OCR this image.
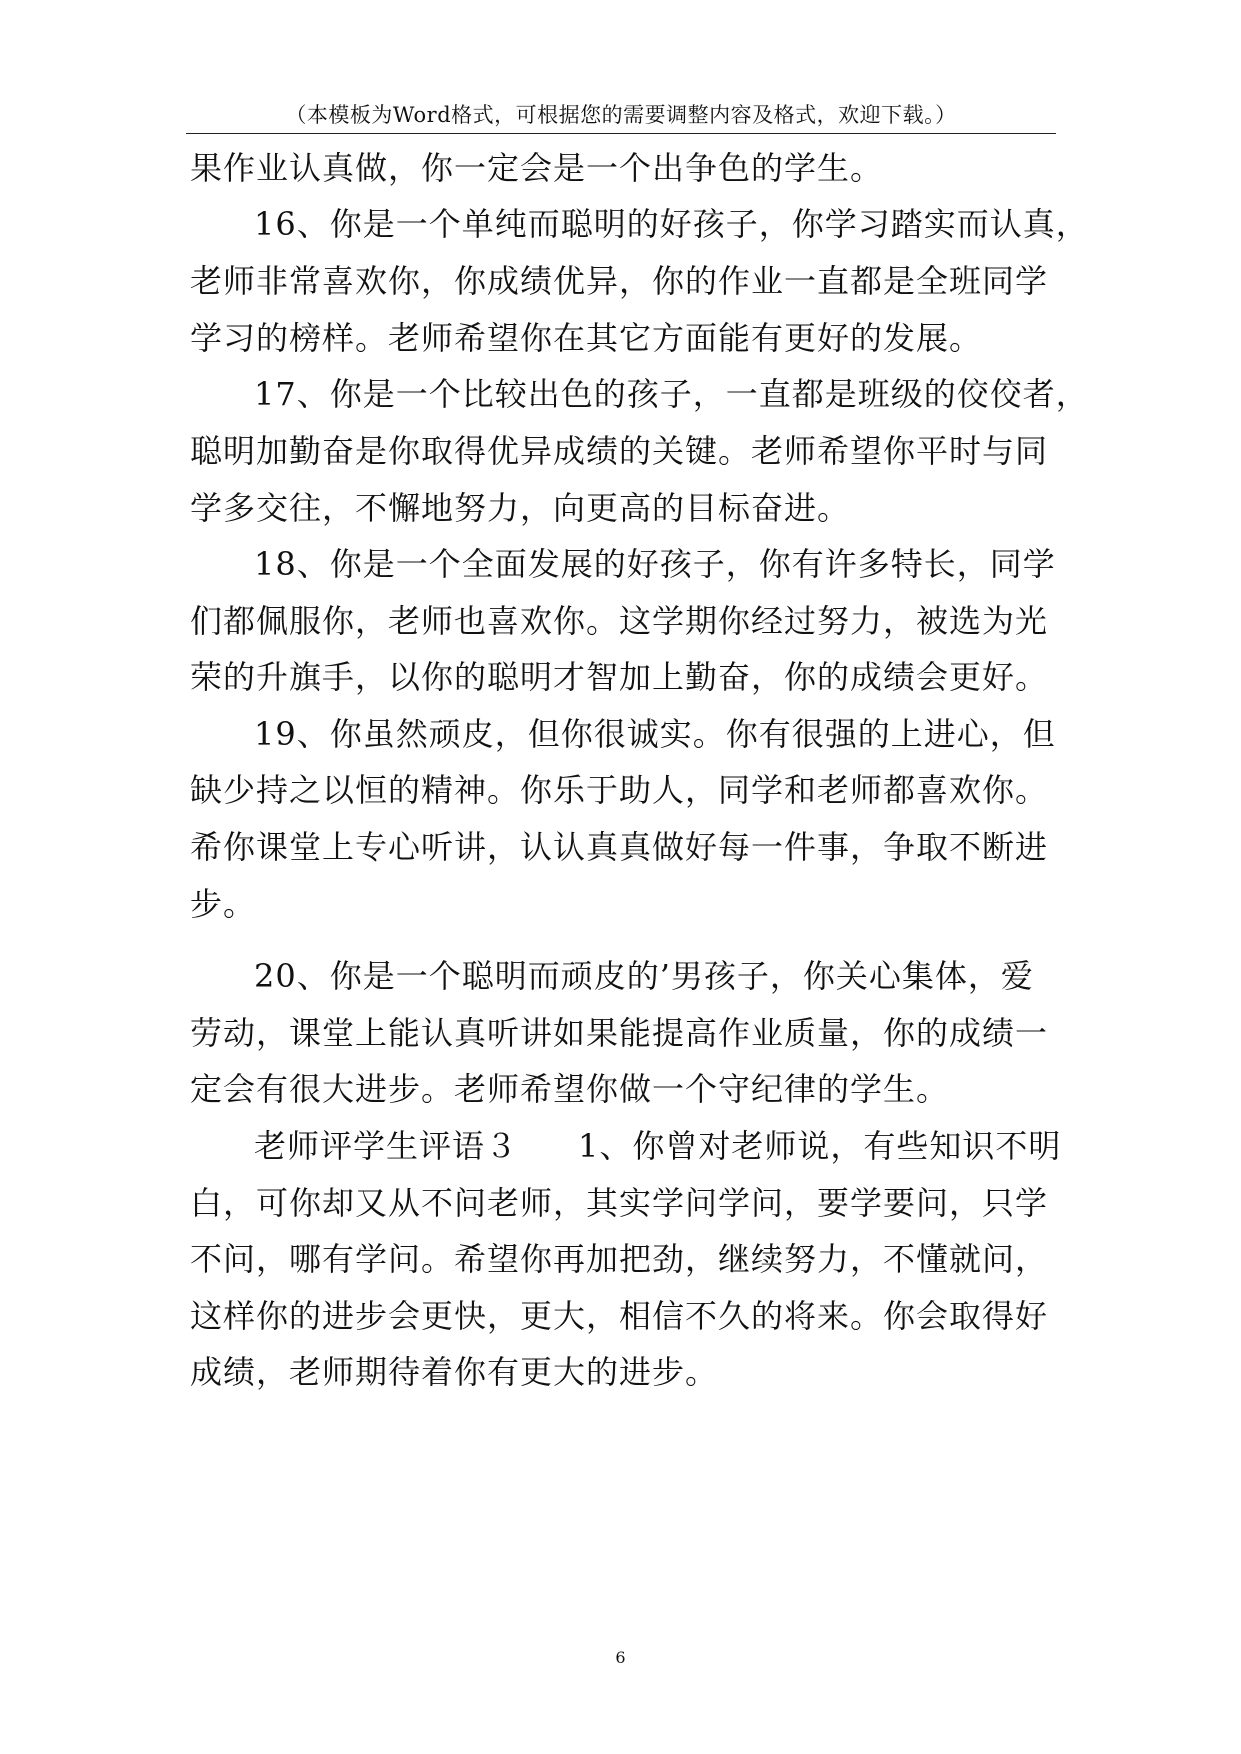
（本模板为Word格式，可根据您的需要调整内容及格式，欢迎下载。）
果作业认真做，你一定会是一个出争色的学生。
16、你是一个单纯而聪明的好孩子，你学习踏实而认真，
老师非常喜欢你，你成绩优异，你的作业一直都是全班同学
学习的榜样。老师希望你在其它方面能有更好的发展。
17、你是一个比较出色的孩子，一直都是班级的佼佼者，
聪明加勤奋是你取得优异成绩的关键。老师希望你平时与同
学多交往，不懈地努力，向更高的目标奋进。
18、你是一个全面发展的好孩子，你有许多特长，同学
们都佩服你，老师也喜欢你。这学期你经过努力，被选为光
荣的升旗手，以你的聪明才智加上勤奋，你的成绩会更好。
19、你虽然顽皮，但你很诚实。你有很强的上进心，但
缺少持之以恒的精神。你乐于助人，同学和老师都喜欢你。
希你课堂上专心听讲，认认真真做好每一件事，争取不断进
步。
20、你是一个聪明而顽皮的’男孩子，你关心集体，爱
劳动，课堂上能认真听讲如果能提高作业质量，你的成绩一
定会有很大进步。老师希望你做一个守纪律的学生。
老师评学生评语３ 1、你曾对老师说，有些知识不明
白，可你却又从不问老师，其实学问学问，要学要问，只学
不问，哪有学问。希望你再加把劲，继续努力，不懂就问，
这样你的进步会更快，更大，相信不久的将来。你会取得好
成绩，老师期待着你有更大的进步。
6
